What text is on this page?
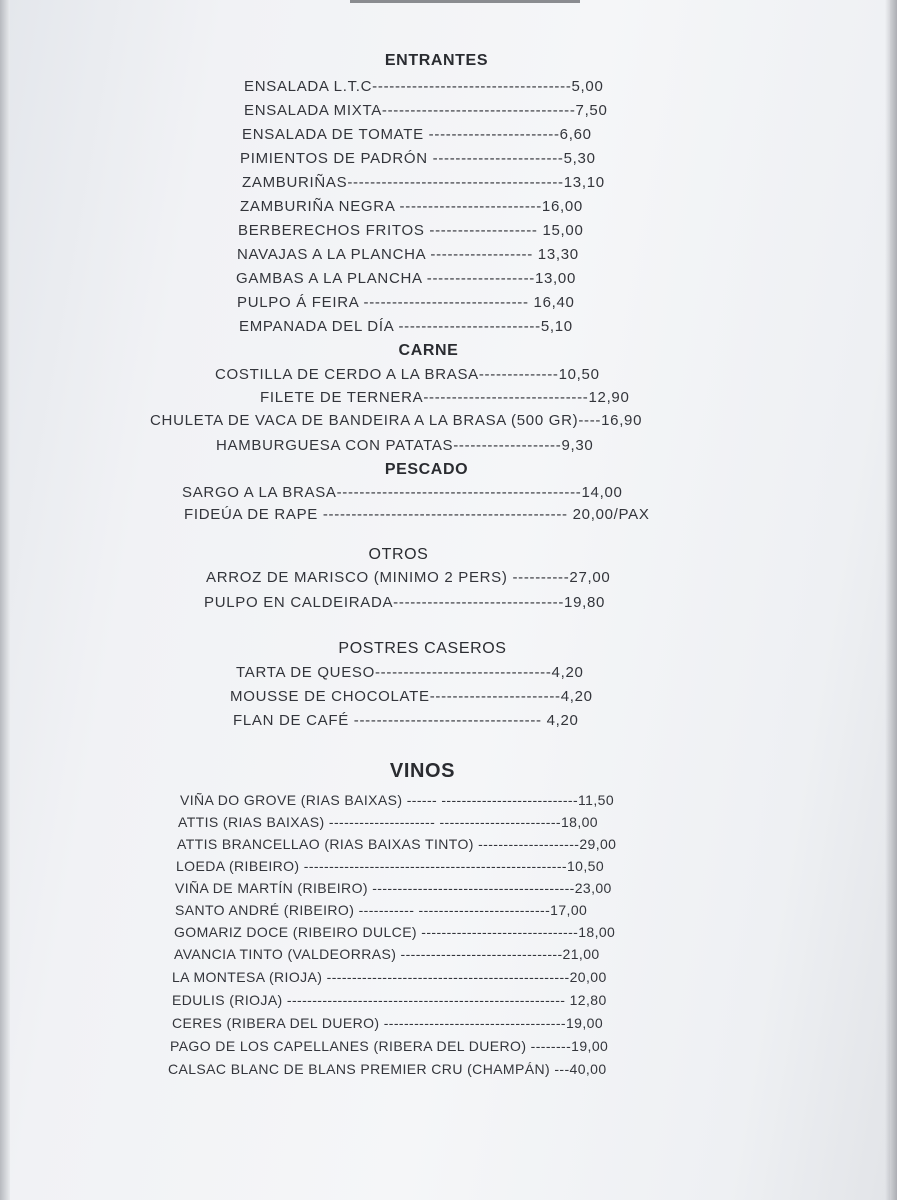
ENTRANTES
ENSALADA L.T.C-----------------------------------5,00
ENSALADA MIXTA----------------------------------7,50
ENSALADA DE TOMATE -----------------------6,60
PIMIENTOS DE PADRÓN -----------------------5,30
ZAMBURIÑAS--------------------------------------13,10
ZAMBURIÑA NEGRA -------------------------16,00
BERBERECHOS FRITOS ------------------- 15,00
NAVAJAS A LA PLANCHA ------------------ 13,30
GAMBAS A LA PLANCHA -------------------13,00
PULPO Á FEIRA ----------------------------- 16,40
EMPANADA DEL DÍA -------------------------5,10
CARNE
COSTILLA DE CERDO A LA BRASA--------------10,50
FILETE DE TERNERA-----------------------------12,90
CHULETA DE VACA DE BANDEIRA A LA BRASA (500 GR)----16,90
HAMBURGUESA CON PATATAS-------------------9,30
PESCADO
SARGO A LA BRASA-------------------------------------------14,00
FIDEÚA DE RAPE ------------------------------------------- 20,00/PAX
OTROS
ARROZ DE MARISCO (MINIMO 2 PERS) ----------27,00
PULPO EN CALDEIRADA------------------------------19,80
POSTRES CASEROS
TARTA DE QUESO-------------------------------4,20
MOUSSE DE CHOCOLATE-----------------------4,20
FLAN DE CAFÉ --------------------------------- 4,20
VINOS
VIÑA DO GROVE (RIAS BAIXAS) ------ ---------------------------11,50
ATTIS (RIAS BAIXAS) --------------------- ------------------------18,00
ATTIS BRANCELLAO (RIAS BAIXAS TINTO) --------------------29,00
LOEDA (RIBEIRO) ----------------------------------------------------10,50
VIÑA DE MARTÍN (RIBEIRO) ----------------------------------------23,00
SANTO ANDRÉ (RIBEIRO) ----------- --------------------------17,00
GOMARIZ DOCE (RIBEIRO DULCE) -------------------------------18,00
AVANCIA TINTO (VALDEORRAS) --------------------------------21,00
LA MONTESA (RIOJA) ------------------------------------------------20,00
EDULIS (RIOJA) ------------------------------------------------------- 12,80
CERES (RIBERA DEL DUERO) ------------------------------------19,00
PAGO DE LOS CAPELLANES (RIBERA DEL DUERO) --------19,00
CALSAC BLANC DE BLANS PREMIER CRU (CHAMPÁN) ---40,00
